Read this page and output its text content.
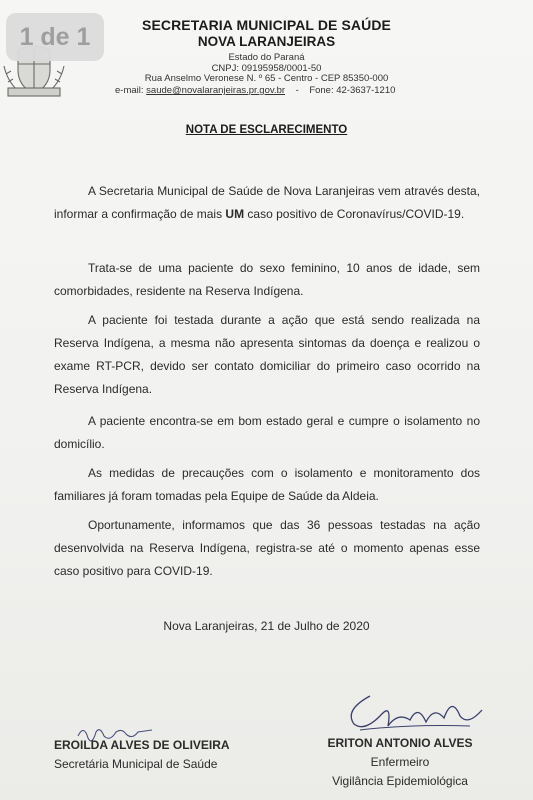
1 de 1	SECRETARIA MUNICIPAL DE SAÚDE
NOVA LARANJEIRAS
Estado do Paraná
CNPJ: 09195958/0001-50
Rua Anselmo Veronese N. º 65 - Centro - CEP 85350-000
e-mail: saude@novalaranjeiras.pr.gov.br - Fone: 42-3637-1210
NOTA DE ESCLARECIMENTO

A Secretaria Municipal de Saúde de Nova Laranjeiras vem através desta, informar a confirmação de mais UM caso positivo de Coronavírus/COVID-19.

Trata-se de uma paciente do sexo feminino, 10 anos de idade, sem comorbidades, residente na Reserva Indígena.

A paciente foi testada durante a ação que está sendo realizada na Reserva Indígena, a mesma não apresenta sintomas da doença e realizou o exame RT-PCR, devido ser contato domiciliar do primeiro caso ocorrido na Reserva Indígena.

A paciente encontra-se em bom estado geral e cumpre o isolamento no domicílio.

As medidas de precauções com o isolamento e monitoramento dos familiares já foram tomadas pela Equipe de Saúde da Aldeia.

Oportunamente, informamos que das 36 pessoas testadas na ação desenvolvida na Reserva Indígena, registra-se até o momento apenas esse caso positivo para COVID-19.

Nova Laranjeiras, 21 de Julho de 2020
EROILDA ALVES DE OLIVEIRA
Secretária Municipal de Saúde
ERITON ANTONIO ALVES
Enfermeiro
Vigilância Epidemiológica
